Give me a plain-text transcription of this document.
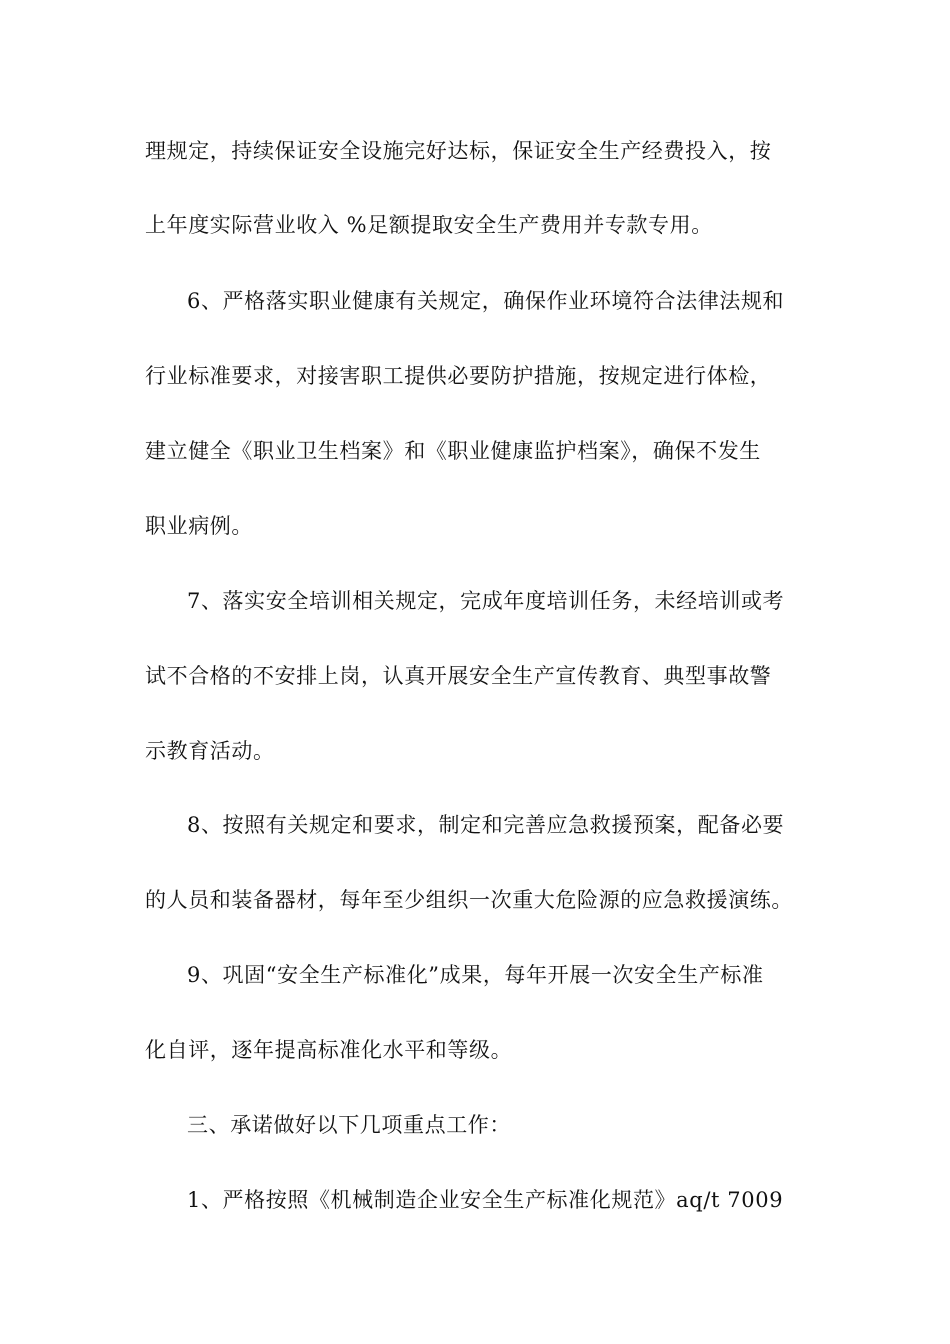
理规定，持续保证安全设施完好达标，保证安全生产经费投入，按
上年度实际营业收入 %足额提取安全生产费用并专款专用。
6、严格落实职业健康有关规定，确保作业环境符合法律法规和
行业标准要求，对接害职工提供必要防护措施，按规定进行体检，
建立健全《职业卫生档案》和《职业健康监护档案》，确保不发生
职业病例。
7、落实安全培训相关规定，完成年度培训任务，未经培训或考
试不合格的不安排上岗，认真开展安全生产宣传教育、典型事故警
示教育活动。
8、按照有关规定和要求，制定和完善应急救援预案，配备必要
的人员和装备器材，每年至少组织一次重大危险源的应急救援演练。
9、巩固“安全生产标准化”成果，每年开展一次安全生产标准
化自评，逐年提高标准化水平和等级。
三、承诺做好以下几项重点工作：
1、严格按照《机械制造企业安全生产标准化规范》aq/t 7009
